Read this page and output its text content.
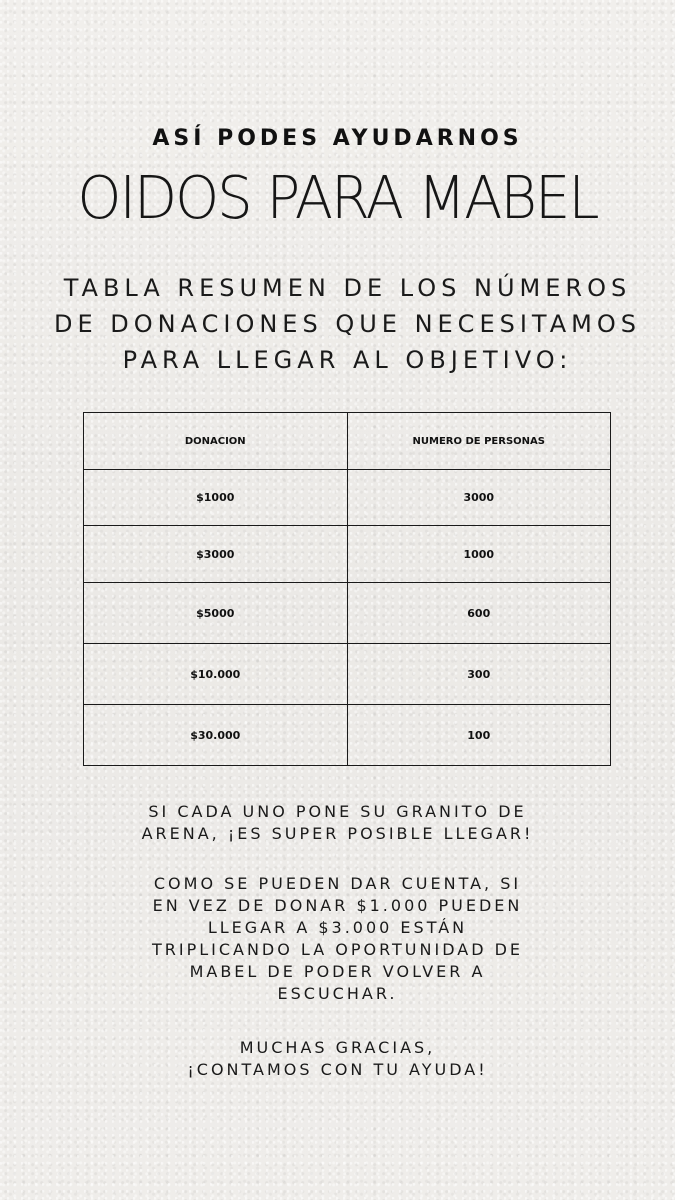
ASÍ PODES AYUDARNOS
OIDOS PARA MABEL

TABLA RESUMEN DE LOS NÚMEROS
DE DONACIONES QUE NECESITAMOS
PARA LLEGAR AL OBJETIVO:

DONACION	NUMERO DE PERSONAS
$1000	3000
$3000	1000
$5000	600
$10.000	300
$30.000	100

SI CADA UNO PONE SU GRANITO DE
ARENA, ¡ES SUPER POSIBLE LLEGAR!

COMO SE PUEDEN DAR CUENTA, SI
EN VEZ DE DONAR $1.000 PUEDEN
LLEGAR A $3.000 ESTÁN
TRIPLICANDO LA OPORTUNIDAD DE
MABEL DE PODER VOLVER A
ESCUCHAR.

MUCHAS GRACIAS,
¡CONTAMOS CON TU AYUDA!
